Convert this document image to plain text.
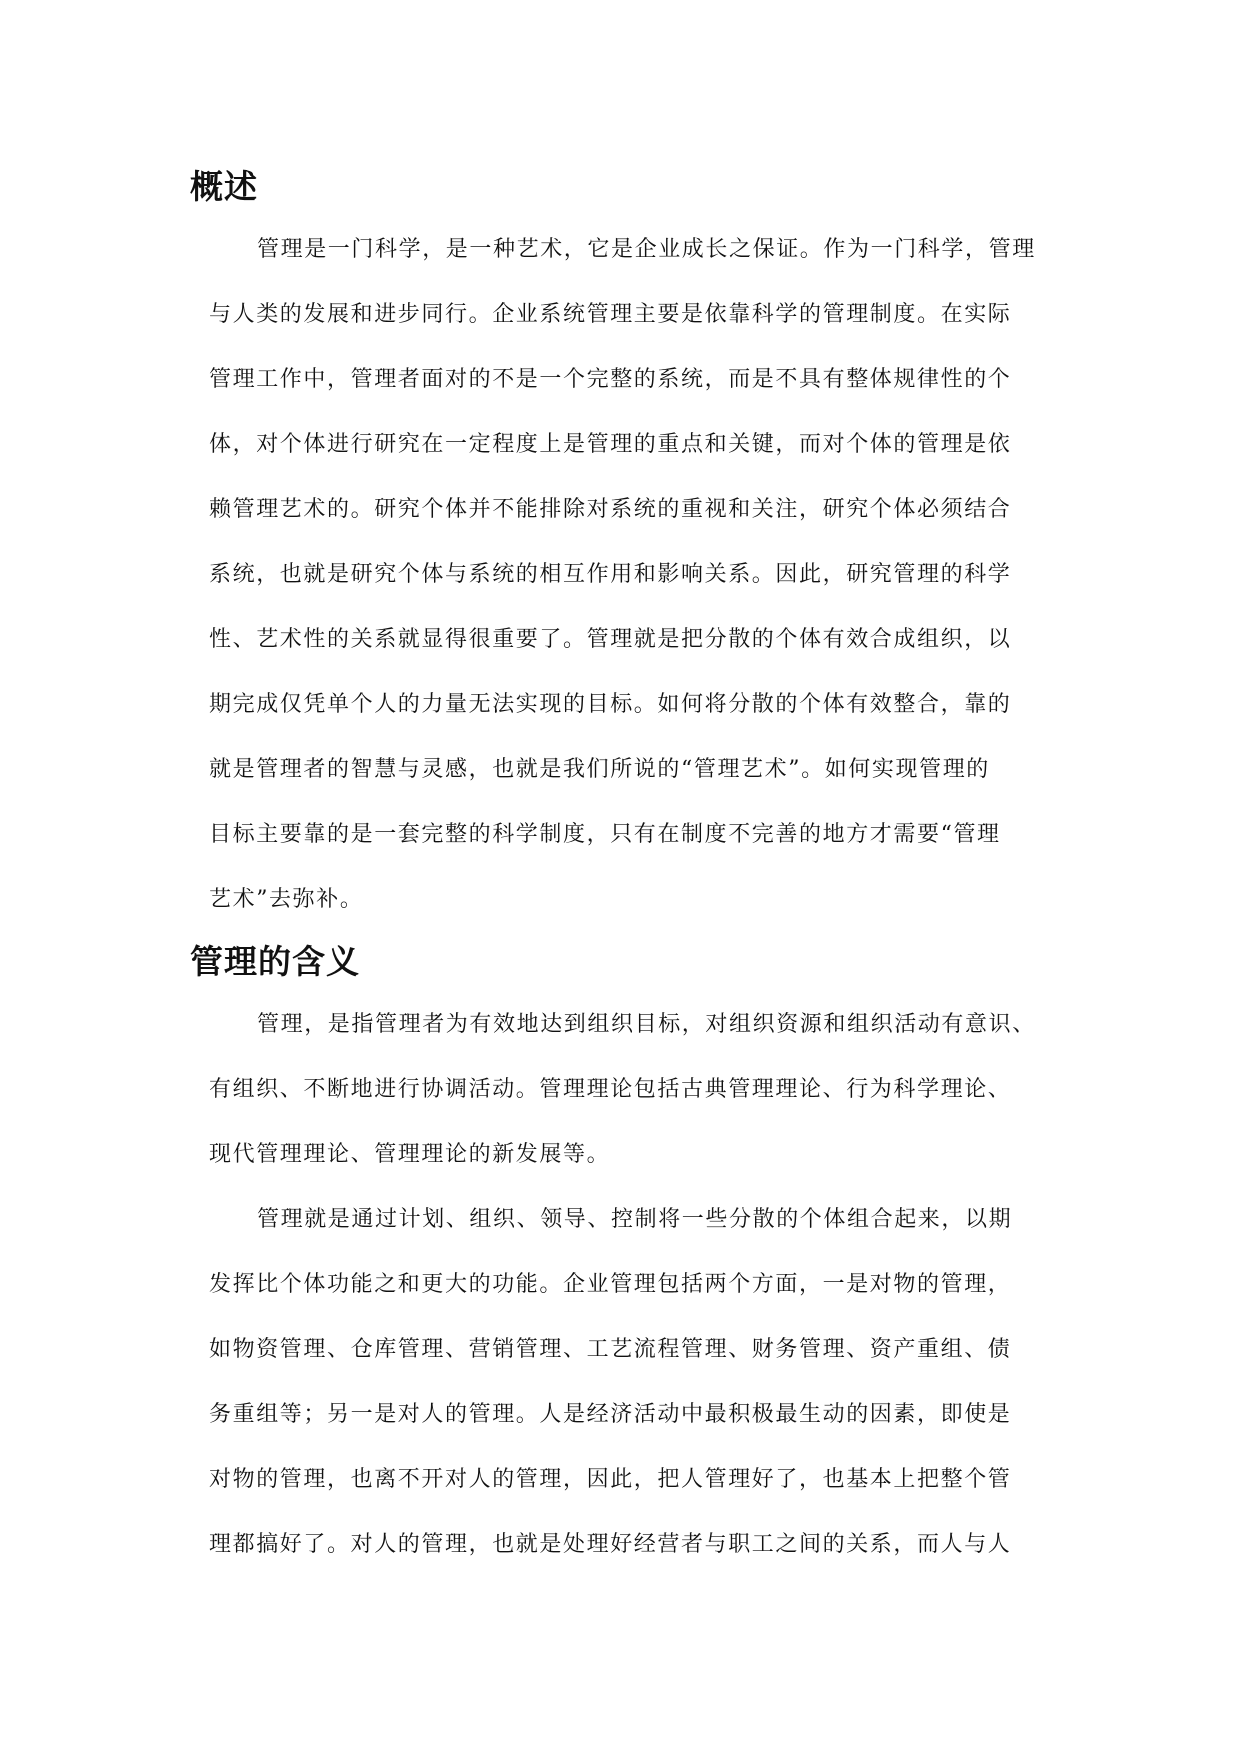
概述

管理是一门科学，是一种艺术，它是企业成长之保证。作为一门科学，管理

与人类的发展和进步同行。企业系统管理主要是依靠科学的管理制度。在实际

管理工作中，管理者面对的不是一个完整的系统，而是不具有整体规律性的个

体，对个体进行研究在一定程度上是管理的重点和关键，而对个体的管理是依

赖管理艺术的。研究个体并不能排除对系统的重视和关注，研究个体必须结合

系统，也就是研究个体与系统的相互作用和影响关系。因此，研究管理的科学

性、艺术性的关系就显得很重要了。管理就是把分散的个体有效合成组织，以

期完成仅凭单个人的力量无法实现的目标。如何将分散的个体有效整合，靠的

就是管理者的智慧与灵感，也就是我们所说的“管理艺术”。如何实现管理的

目标主要靠的是一套完整的科学制度，只有在制度不完善的地方才需要“管理

艺术”去弥补。

管理的含义

管理，是指管理者为有效地达到组织目标，对组织资源和组织活动有意识、

有组织、不断地进行协调活动。管理理论包括古典管理理论、行为科学理论、

现代管理理论、管理理论的新发展等。

管理就是通过计划、组织、领导、控制将一些分散的个体组合起来，以期

发挥比个体功能之和更大的功能。企业管理包括两个方面，一是对物的管理，

如物资管理、仓库管理、营销管理、工艺流程管理、财务管理、资产重组、债

务重组等；另一是对人的管理。人是经济活动中最积极最生动的因素，即使是

对物的管理，也离不开对人的管理，因此，把人管理好了，也基本上把整个管

理都搞好了。对人的管理，也就是处理好经营者与职工之间的关系，而人与人
